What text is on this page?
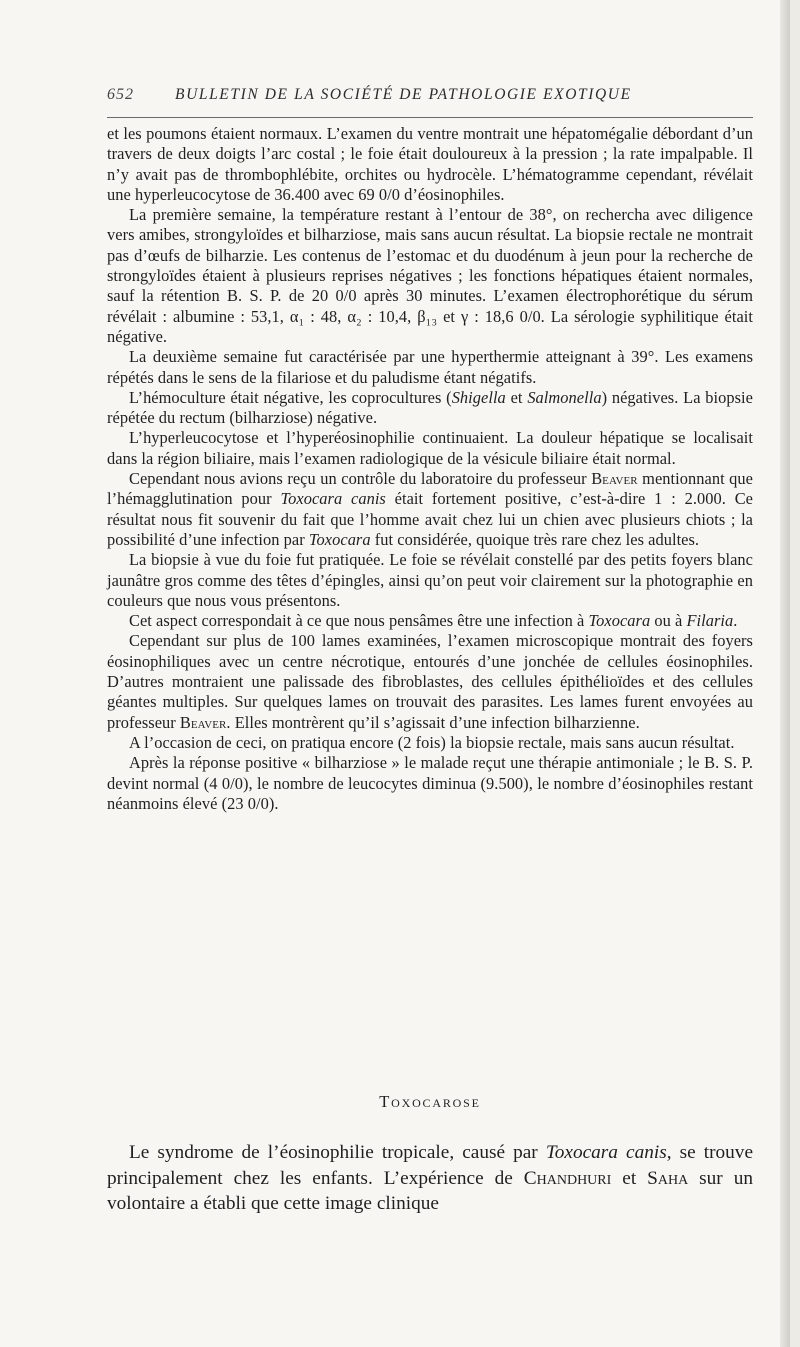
652	BULLETIN DE LA SOCIÉTÉ DE PATHOLOGIE EXOTIQUE

et les poumons étaient normaux. L’examen du ventre montrait une hépatomégalie débordant d’un travers de deux doigts l’arc costal ; le foie était douloureux à la pression ; la rate impalpable. Il n’y avait pas de thrombophlébite, orchites ou hydrocèle. L’hématogramme cependant, révélait une hyperleucocytose de 36.400 avec 69 0/0 d’éosinophiles.

La première semaine, la température restant à l’entour de 38°, on rechercha avec diligence vers amibes, strongyloïdes et bilharziose, mais sans aucun résultat. La biopsie rectale ne montrait pas d’œufs de bilharzie. Les contenus de l’estomac et du duodénum à jeun pour la recherche de strongyloïdes étaient à plusieurs reprises négatives ; les fonctions hépatiques étaient normales, sauf la rétention B. S. P. de 20 0/0 après 30 minutes. L’examen électrophorétique du sérum révélait : albumine : 53,1, α₁ : 48, α₂ : 10,4, β₁₃ et γ : 18,6 0/0. La sérologie syphilitique était négative.

La deuxième semaine fut caractérisée par une hyperthermie atteignant à 39°. Les examens répétés dans le sens de la filariose et du paludisme étant négatifs.

L’hémoculture était négative, les coprocultures (Shigella et Salmonella) négatives. La biopsie répétée du rectum (bilharziose) négative.

L’hyperleucocytose et l’hyperéosinophilie continuaient. La douleur hépatique se localisait dans la région biliaire, mais l’examen radiologique de la vésicule biliaire était normal.

Cependant nous avions reçu un contrôle du laboratoire du professeur Beaver mentionnant que l’hémagglutination pour Toxocara canis était fortement positive, c’est-à-dire 1 : 2.000. Ce résultat nous fit souvenir du fait que l’homme avait chez lui un chien avec plusieurs chiots ; la possibilité d’une infection par Toxocara fut considérée, quoique très rare chez les adultes.

La biopsie à vue du foie fut pratiquée. Le foie se révélait constellé par des petits foyers blanc jaunâtre gros comme des têtes d’épingles, ainsi qu’on peut voir clairement sur la photographie en couleurs que nous vous présentons.

Cet aspect correspondait à ce que nous pensâmes être une infection à Toxocara ou à Filaria.

Cependant sur plus de 100 lames examinées, l’examen microscopique montrait des foyers éosinophiliques avec un centre nécrotique, entourés d’une jonchée de cellules éosinophiles. D’autres montraient une palissade des fibroblastes, des cellules épithélioïdes et des cellules géantes multiples. Sur quelques lames on trouvait des parasites. Les lames furent envoyées au professeur Beaver. Elles montrèrent qu’il s’agissait d’une infection bilharzienne.

A l’occasion de ceci, on pratiqua encore (2 fois) la biopsie rectale, mais sans aucun résultat.

Après la réponse positive « bilharziose » le malade reçut une thérapie antimoniale ; le B. S. P. devint normal (4 0/0), le nombre de leucocytes diminua (9.500), le nombre d’éosinophiles restant néanmoins élevé (23 0/0).

Toxocarose

Le syndrome de l’éosinophilie tropicale, causé par Toxocara canis, se trouve principalement chez les enfants. L’expérience de Chandhuri et Saha sur un volontaire a établi que cette image clinique
